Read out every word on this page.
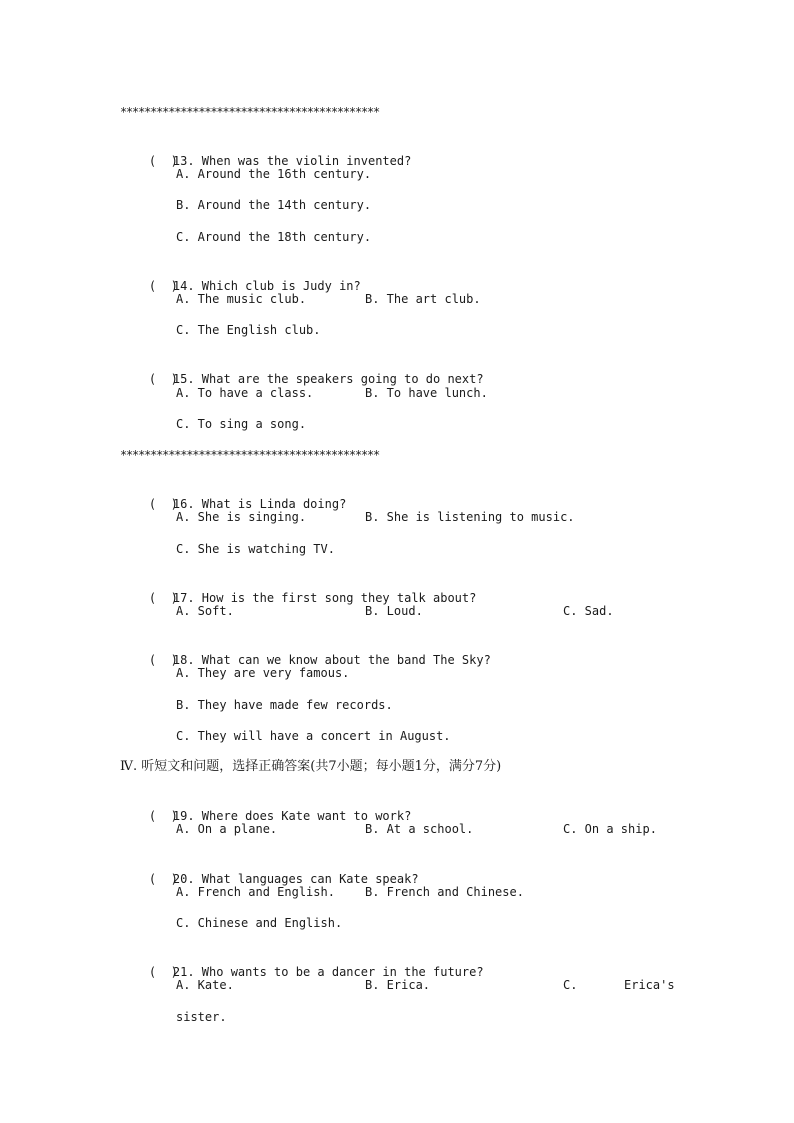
*******************************************

(  )13. When was the violin invented?

A. Around the 16th century.
B. Around the 14th century.
C. Around the 18th century.

(  )14. Which club is Judy in?

A. The music club.	B. The art club.
C. The English club.

(  )15. What are the speakers going to do next?

A. To have a class.	B. To have lunch.
C. To sing a song.
*******************************************

(  )16. What is Linda doing?

A. She is singing.	B. She is listening to music.
C. She is watching TV.

(  )17. How is the first song they talk about?

A. Soft.	B. Loud.	C. Sad.

(  )18. What can we know about the band The Sky?

A. They are very famous.
B. They have made few records.
C. They will have a concert in August.
Ⅳ. 听短文和问题，选择正确答案(共7小题；每小题1分，满分7分)

(  )19. Where does Kate want to work?

A. On a plane.	B. At a school.	C. On a ship.

(  )20. What languages can Kate speak?

A. French and English.	B. French and Chinese.
C. Chinese and English.

(  )21. Who wants to be a dancer in the future?

A. Kate.	B. Erica.	C.	Erica's
sister.
